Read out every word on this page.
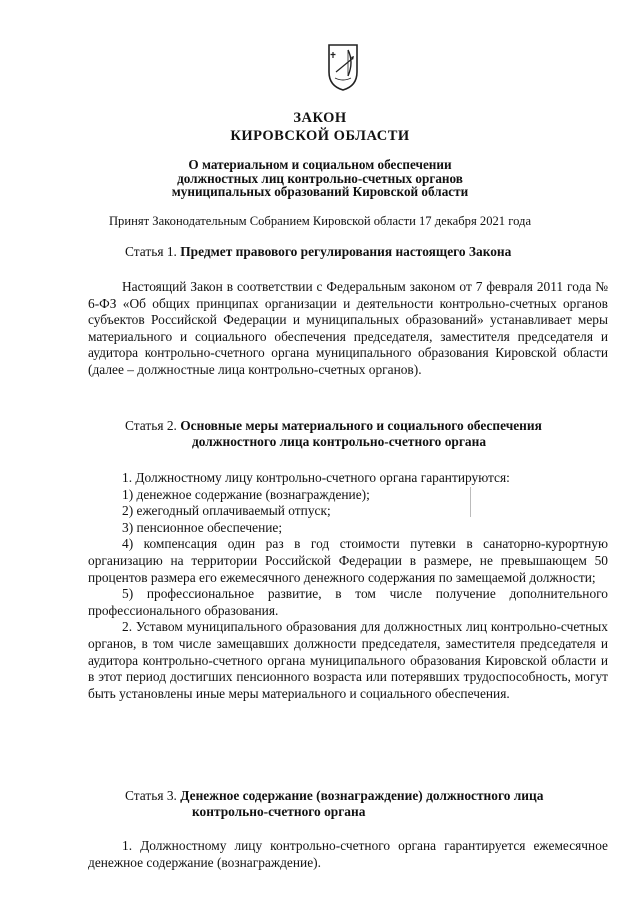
ЗАКОН
КИРОВСКОЙ ОБЛАСТИ
О материальном и социальном обеспечении
должностных лиц контрольно-счетных органов
муниципальных образований Кировской области
Принят Законодательным Собранием Кировской области 17 декабря 2021 года
Статья 1. Предмет правового регулирования настоящего Закона

Настоящий Закон в соответствии с Федеральным законом от 7 февраля 2011 года № 6-ФЗ «Об общих принципах организации и деятельности контрольно-счетных органов субъектов Российской Федерации и муниципальных образований» устанавливает меры материального и социального обеспечения председателя, заместителя председателя и аудитора контрольно-счетного органа муниципального образования Кировской области (далее – должностные лица контрольно-счетных органов).

Статья 2. Основные меры материального и социального обеспечения
должностного лица контрольно-счетного органа

1. Должностному лицу контрольно-счетного органа гарантируются:

1) денежное содержание (вознаграждение);

2) ежегодный оплачиваемый отпуск;

3) пенсионное обеспечение;

4) компенсация один раз в год стоимости путевки в санаторно-курортную организацию на территории Российской Федерации в размере, не превышающем 50 процентов размера его ежемесячного денежного содержания по замещаемой должности;

5) профессиональное развитие, в том числе получение дополнительного профессионального образования.

2. Уставом муниципального образования для должностных лиц контрольно-счетных органов, в том числе замещавших должности председателя, заместителя председателя и аудитора контрольно-счетного органа муниципального образования Кировской области и в этот период достигших пенсионного возраста или потерявших трудоспособность, могут быть установлены иные меры материального и социального обеспечения.

Статья 3. Денежное содержание (вознаграждение) должностного лица
контрольно-счетного органа

1. Должностному лицу контрольно-счетного органа гарантируется ежемесячное денежное содержание (вознаграждение).
